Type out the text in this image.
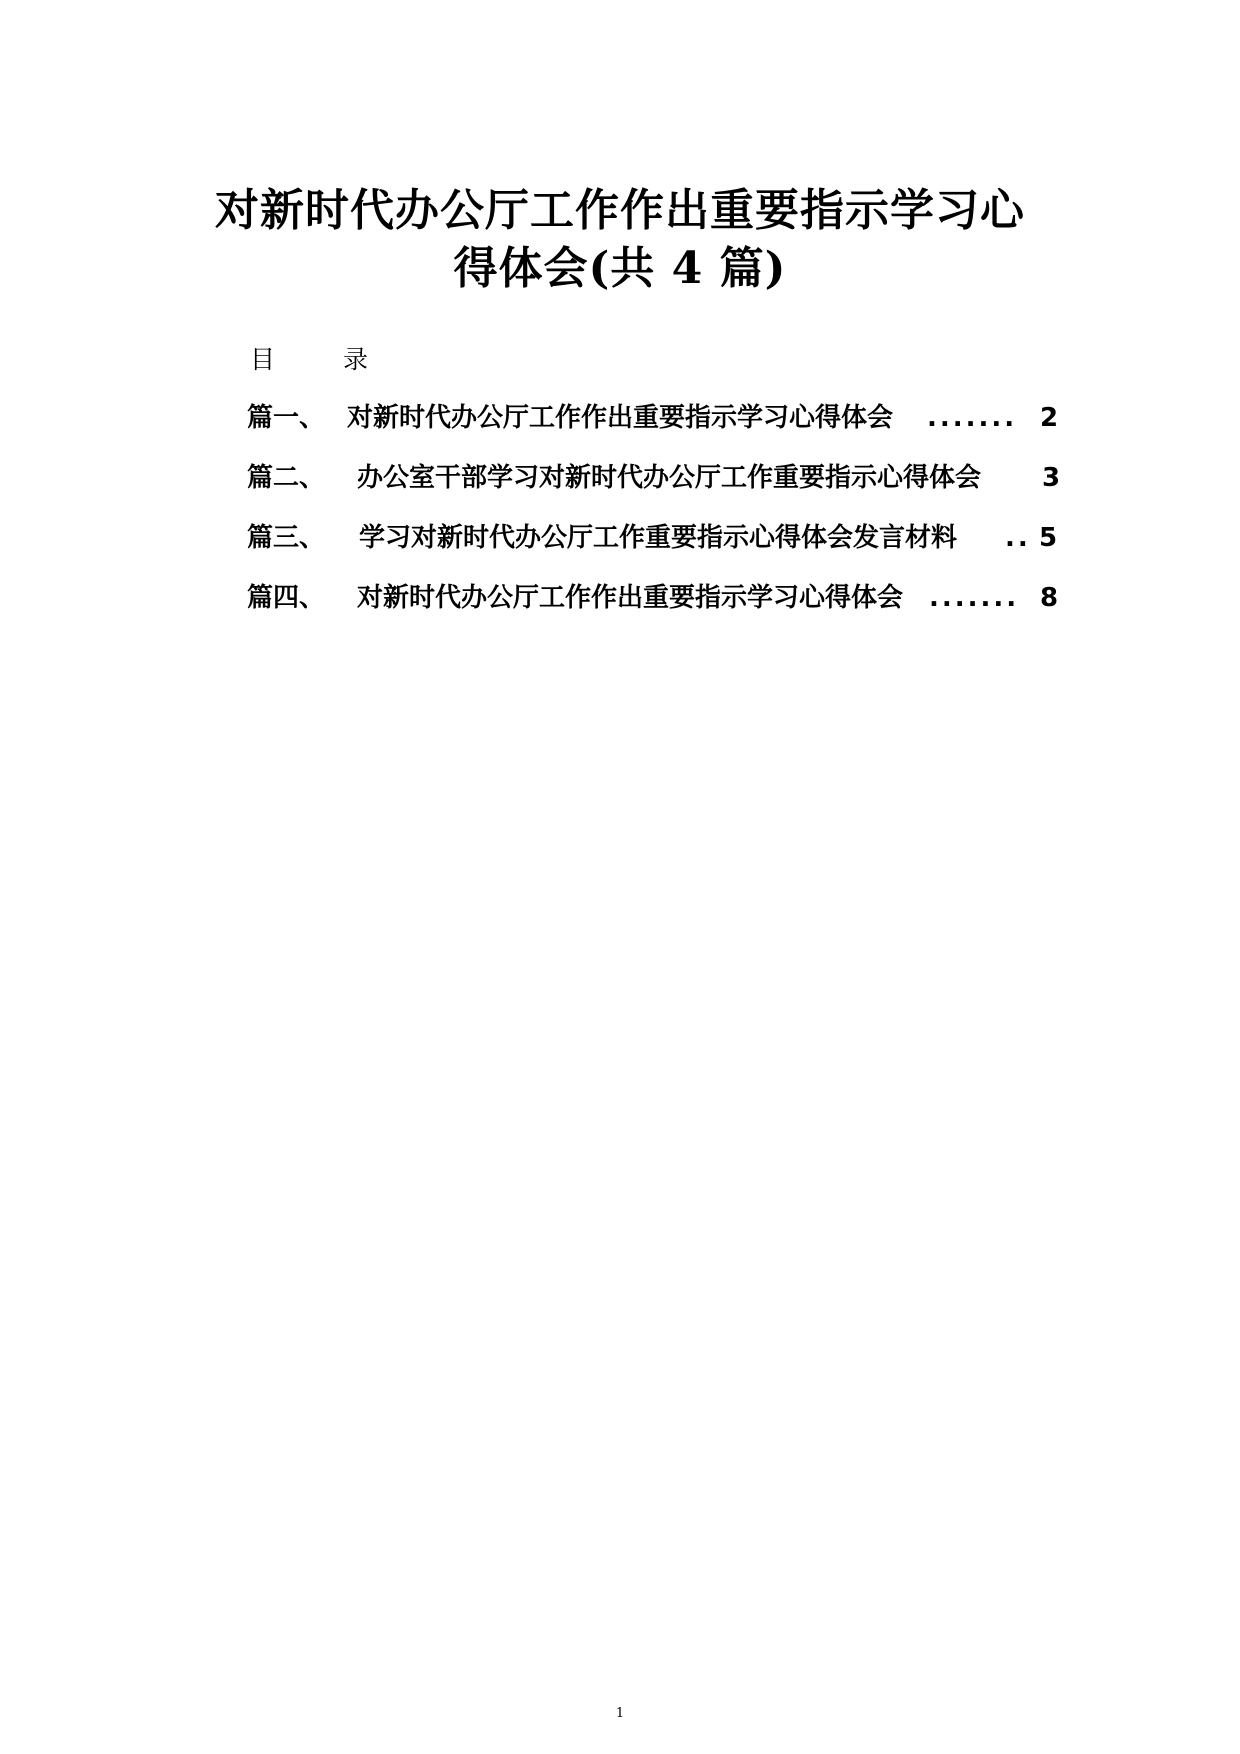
对新时代办公厅工作作出重要指示学习心
得体会(共 4 篇)
目 录
篇一、 对新时代办公厅工作作出重要指示学习心得体会 ....... 2
篇二、 办公室干部学习对新时代办公厅工作重要指示心得体会 3
篇三、 学习对新时代办公厅工作重要指示心得体会发言材料 .. 5
篇四、 对新时代办公厅工作作出重要指示学习心得体会 ....... 8
1
